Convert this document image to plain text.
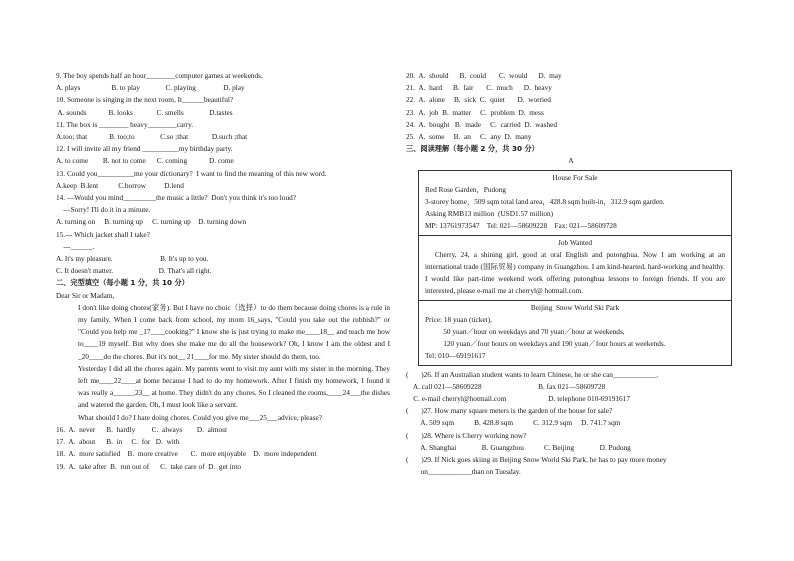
9. The boy spends half an hour________computer games at weekends.
A. plays                 B. to play              C. playing               D. play
10. Someone is singing in the next room, It______beautiful?
A. sounds            B. looks             C. smells              D.tastes
11. The box is ________ heavy________carry.
A.too; that            B. too;to              C.so ;that             D.such ;that
12. I will invite all my friend __________my birthday party.
A. to come        B. not to come      C. coming            D. come
13. Could you__________me your dictionary?  I want to find the meaning of this new word.
A.keep  B.lent           C.borrow          D.lend
14. —Would you mind_________the music a little?  Don't you think it's too loud?
—Sorry! I'll do it in a minute.
A. turning on     B. turning up     C. turning up    D. turning down
15.--- Which jacket shall I take?
---______.
A. It's my pleasure.                          B. It's up to you.
C. It doesn't matter.                         D. That's all right.
二、完型填空（每小题 1 分，共 10 分）
Dear Sir or Madam,
I don't like doing chores(家务). But I have no choic（选择）to do them because doing chores is a rule in my family. When I come back from school, my mom 16_says, "Could you take out the rubbish?" or "Could you help me _17____cooking?" I know she is just trying to make me____18__ and teach me how to____19 myself. But why does she make me do all the housework? Oh, I know I am the oldest and I _20____do the chores. But it's not__ 21____for me. My sister should do them, too.
Yesterday I did all the chores again. My parents went to visit my aunt with my sister in the morning. They left me____22____at home because I had to do my homework. After I finish my homework, I found it was really a______23__ at home. They didn't do any chores. So I cleaned the rooms,____24___the dishes and watered the garden. Oh, I must look like a servant.
What should I do? I hate doing chores. Could you give me___25___advice, please?
16.  A.  never      B.  hardly         C.  always        D.  almost
17.  A.  about      B.  in     C.  for   D.  with
18.  A.  more satisfied    B.  more creative       C.  more enjoyable    D.  more independent
19.  A.  take after  B.  run out of      C.  take care of  D.  get into
20.  A.  should      B.  could       C.  would      D.  may
21.  A.  hard      B.  fair       C.  much      D.  heavy
22.  A.  alone     B.  sick  C.  quiet       D.  worried
23.  A.  job  B.  matter     C.  problem  D.  mess
24.  A.  bought   B.  made     C.  carried  D.  washed
25.  A.  some     B.  an     C.  any  D.  many
三、阅读理解（每小题 2 分，共 30 分）
A
House For Sale
Red Rose Garden，Pudong
3-storey home，509 sqm total land area，428.8 sqm built-in，312.9 sqm garden.
Asking RMB13 million  (USD1.57 million)
MP: 13761973547    Tel: 021—58609228    Fax: 021—58609728
Job Wanted
Cherry, 24, a shining girl, good at oral English and putonghua. Now I am working at an international trade (国际贸易) company in Guangzhou. I am kind-hearted, hard-working and healthy. I would like part-time weekend work offering putonghua lessons to foreign friends. If you are interested, please e-mail me at cherryl@ hotmail.com.
Beijing  Snow World Ski Park
Price: 18 yuan (ticket),
50 yuan／hour on weekdays and 70 yuan／hour at weekends,
120 yuan／four hours on weekdays and 190 yuan／four hours at weekends.
Tel: 010—69191617
(       )26. If an Australian student wants to learn Chinese, he or she can____________.
A. call 021—58609228                               B. fax 021—58609728
C. e-mail cherryl@hotmail.com                       D. telephone 010-69191617
(       )27. How many square meters is the garden of the house for sale?
A. 509 sqm           B. 428.8 sqm           C. 312.9 sqm     D. 741.7 sqm
(       )28. Where is Cherry working now?
A. Shanghai              B. Guangzhou           C. Beijing              D. Pudong
(       )29. If Nick goes skiing in Beijing Snow World Ski Park, he has to pay more money
on____________than on Tuesday.
